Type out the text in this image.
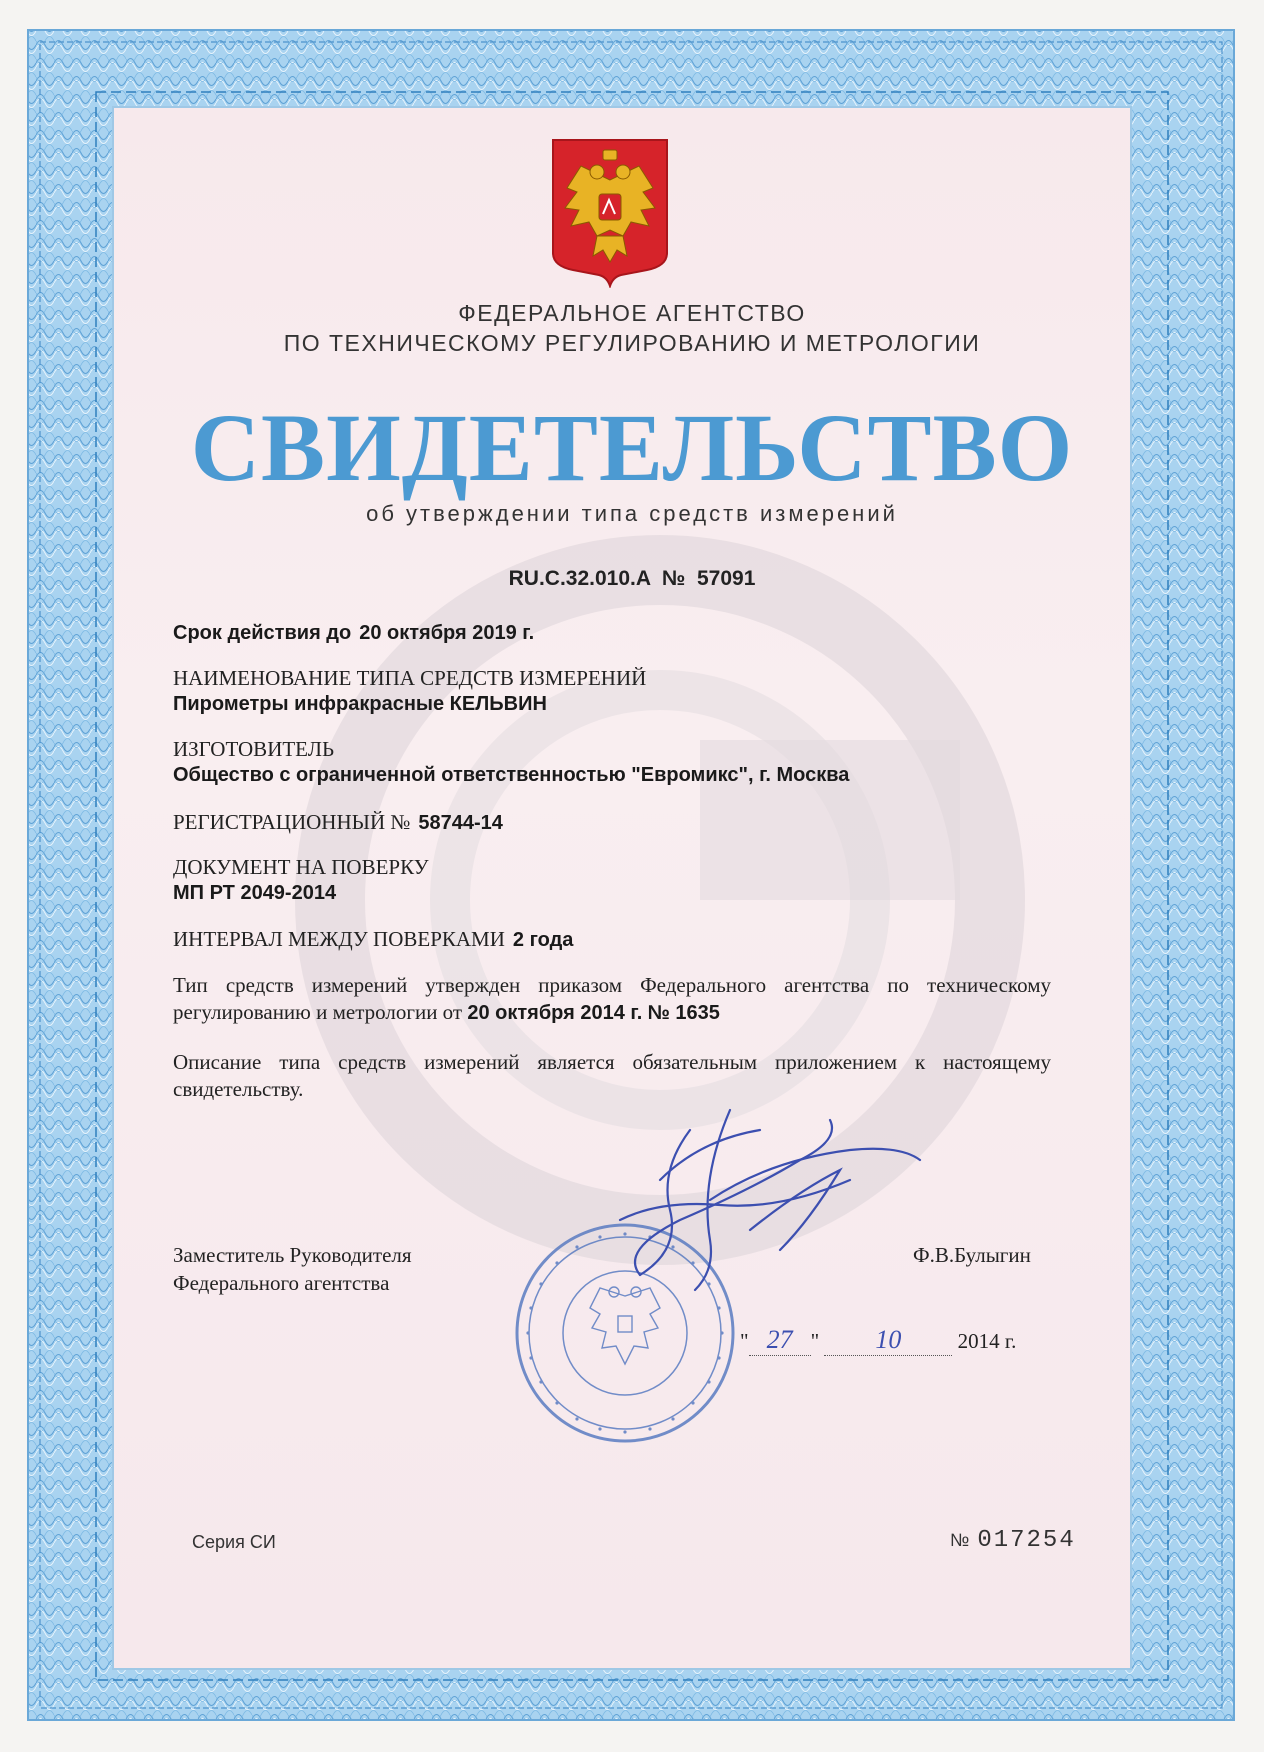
ФЕДЕРАЛЬНОЕ АГЕНТСТВО
ПО ТЕХНИЧЕСКОМУ РЕГУЛИРОВАНИЮ И МЕТРОЛОГИИ
СВИДЕТЕЛЬСТВО
об утверждении типа средств измерений
RU.C.32.010.A  №  57091
Срок действия до 20 октября 2019 г.
НАИМЕНОВАНИЕ ТИПА СРЕДСТВ ИЗМЕРЕНИЙ
Пирометры инфракрасные КЕЛЬВИН
ИЗГОТОВИТЕЛЬ
Общество с ограниченной ответственностью "Евромикс", г. Москва
РЕГИСТРАЦИОННЫЙ № 58744-14
ДОКУМЕНТ НА ПОВЕРКУ
МП РТ 2049-2014
ИНТЕРВАЛ МЕЖДУ ПОВЕРКАМИ 2 года
Тип средств измерений утвержден приказом Федерального агентства по техническому регулированию и метрологии от 20 октября 2014 г. № 1635
Описание типа средств измерений является обязательным приложением к настоящему свидетельству.
Заместитель Руководителя
Федерального агентства
Ф.В.Булыгин
" 27 " 10	2014 г.
Серия СИ	№ 017254
